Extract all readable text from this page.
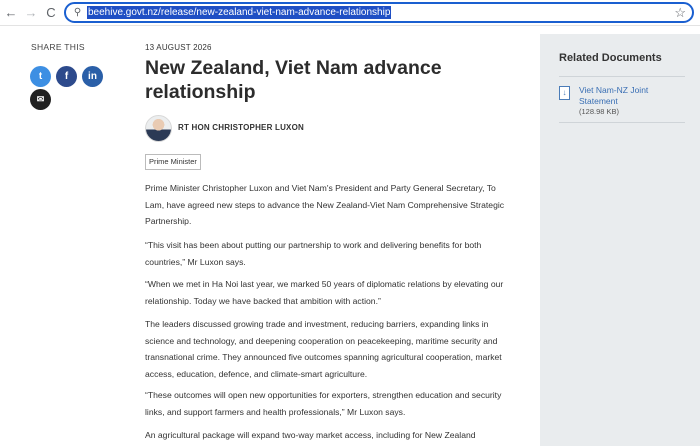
← → C	⚲ beehive.govt.nz/release/new-zealand-viet-nam-advance-relationship	☆
SHARE THIS
t	f	in
✉
13 AUGUST 2026
New Zealand, Viet Nam advance relationship
RT HON CHRISTOPHER LUXON
Prime Minister

Prime Minister Christopher Luxon and Viet Nam's President and Party General Secretary, To Lam, have agreed new steps to advance the New Zealand-Viet Nam Comprehensive Strategic Partnership.

“This visit has been about putting our partnership to work and delivering benefits for both countries,” Mr Luxon says.

“When we met in Ha Noi last year, we marked 50 years of diplomatic relations by elevating our relationship. Today we have backed that ambition with action.”

The leaders discussed growing trade and investment, reducing barriers, expanding links in science and technology, and deepening cooperation on peacekeeping, maritime security and transnational crime. They announced five outcomes spanning agricultural cooperation, market access, education, defence, and climate-smart agriculture.

“These outcomes will open new opportunities for exporters, strengthen education and security links, and support farmers and health professionals,” Mr Luxon says.

An agricultural package will expand two-way market access, including for New Zealand

Related Documents
↓	Viet Nam-NZ Joint Statement
(128.98 KB)
